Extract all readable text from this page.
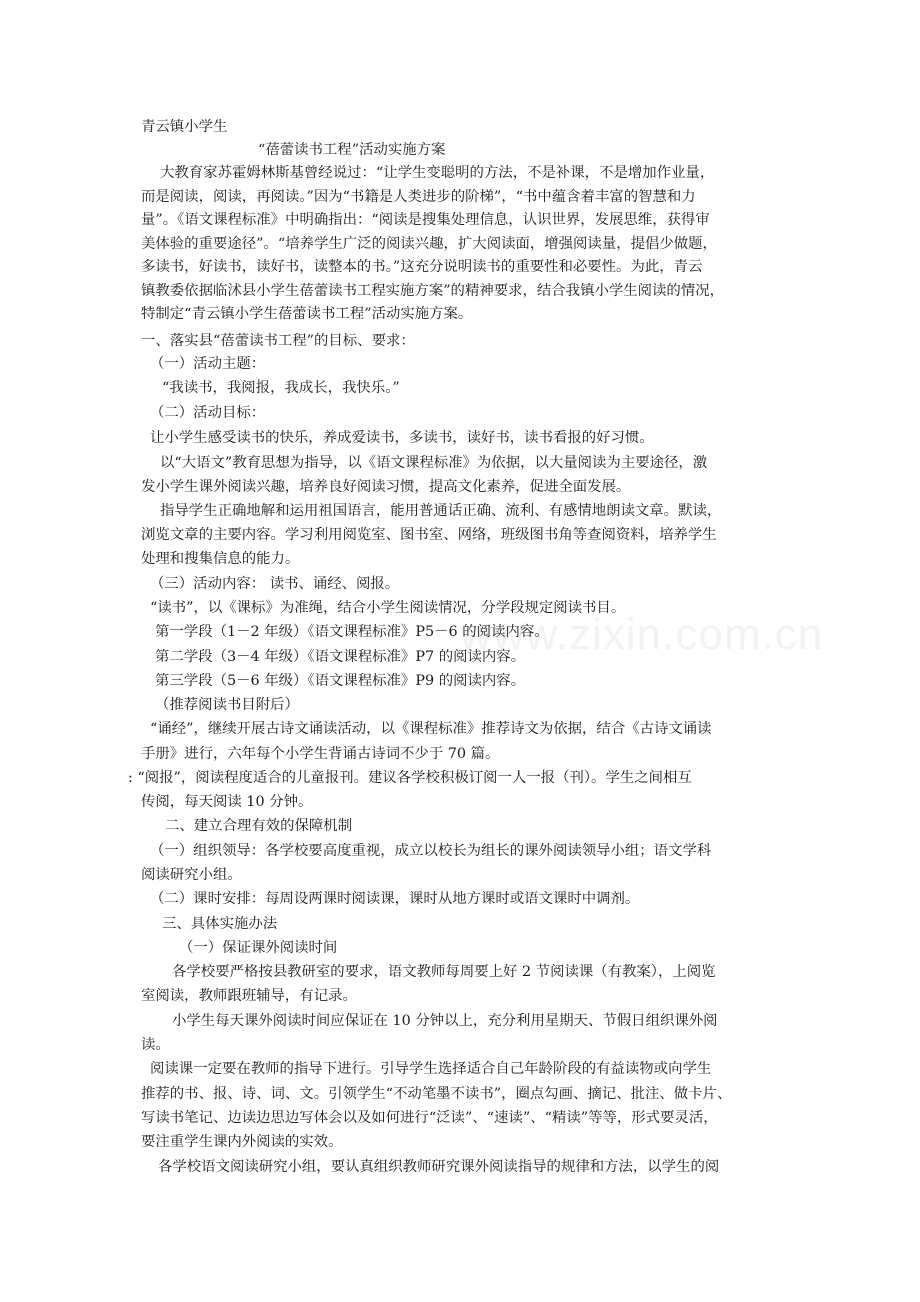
www.zixin.com.cn
青云镇小学生
“蓓蕾读书工程”活动实施方案
大教育家苏霍姆林斯基曾经说过：“让学生变聪明的方法，不是补课，不是增加作业量，
而是阅读，阅读，再阅读。”因为“书籍是人类进步的阶梯”，“书中蕴含着丰富的智慧和力
量”。《语文课程标准》中明确指出：“阅读是搜集处理信息，认识世界，发展思维，获得审
美体验的重要途径”。“培养学生广泛的阅读兴趣，扩大阅读面，增强阅读量，提倡少做题，
多读书，好读书，读好书，读整本的书。”这充分说明读书的重要性和必要性。为此，青云
镇教委依据临沭县小学生蓓蕾读书工程实施方案”的精神要求，结合我镇小学生阅读的情况，
特制定“青云镇小学生蓓蕾读书工程”活动实施方案。
一、落实县“蓓蕾读书工程”的目标、要求：
（一）活动主题：
“我读书，我阅报，我成长，我快乐。”
（二）活动目标：
让小学生感受读书的快乐，养成爱读书，多读书，读好书，读书看报的好习惯。
以“大语文”教育思想为指导，以《语文课程标准》为依据，以大量阅读为主要途径，激
发小学生课外阅读兴趣，培养良好阅读习惯，提高文化素养，促进全面发展。
指导学生正确地解和运用祖国语言，能用普通话正确、流利、有感情地朗读文章。默读，
浏览文章的主要内容。学习利用阅览室、图书室、网络，班级图书角等查阅资料，培养学生
处理和搜集信息的能力。
（三）活动内容： 读书、诵经、阅报。
“读书”，以《课标》为准绳，结合小学生阅读情况，分学段规定阅读书目。
第一学段（1－2 年级）《语文课程标准》P5－6 的阅读内容。
第二学段（3－4 年级）《语文课程标准》P7 的阅读内容。
第三学段（5－6 年级）《语文课程标准》P9 的阅读内容。
（推荐阅读书目附后）
“诵经”，继续开展古诗文诵读活动，以《课程标准》推荐诗文为依据，结合《古诗文诵读
手册》进行，六年每个小学生背诵古诗词不少于 70 篇。
: “阅报”，阅读程度适合的儿童报刊。建议各学校积极订阅一人一报（刊）。学生之间相互
传阅，每天阅读 10 分钟。
二、建立合理有效的保障机制
（一）组织领导：各学校要高度重视，成立以校长为组长的课外阅读领导小组；语文学科
阅读研究小组。
（二）课时安排：每周设两课时阅读课，课时从地方课时或语文课时中调剂。
三、具体实施办法
（一）保证课外阅读时间
各学校要严格按县教研室的要求，语文教师每周要上好 2 节阅读课（有教案），上阅览
室阅读，教师跟班辅导，有记录。
小学生每天课外阅读时间应保证在 10 分钟以上，充分利用星期天、节假日组织课外阅
读。
阅读课一定要在教师的指导下进行。引导学生选择适合自己年龄阶段的有益读物或向学生
推荐的书、报、诗、词、文。引领学生“不动笔墨不读书”，圈点勾画、摘记、批注、做卡片、
写读书笔记、边读边思边写体会以及如何进行“泛读”、“速读”、“精读”等等，形式要灵活，
要注重学生课内外阅读的实效。
各学校语文阅读研究小组，要认真组织教师研究课外阅读指导的规律和方法，以学生的阅
